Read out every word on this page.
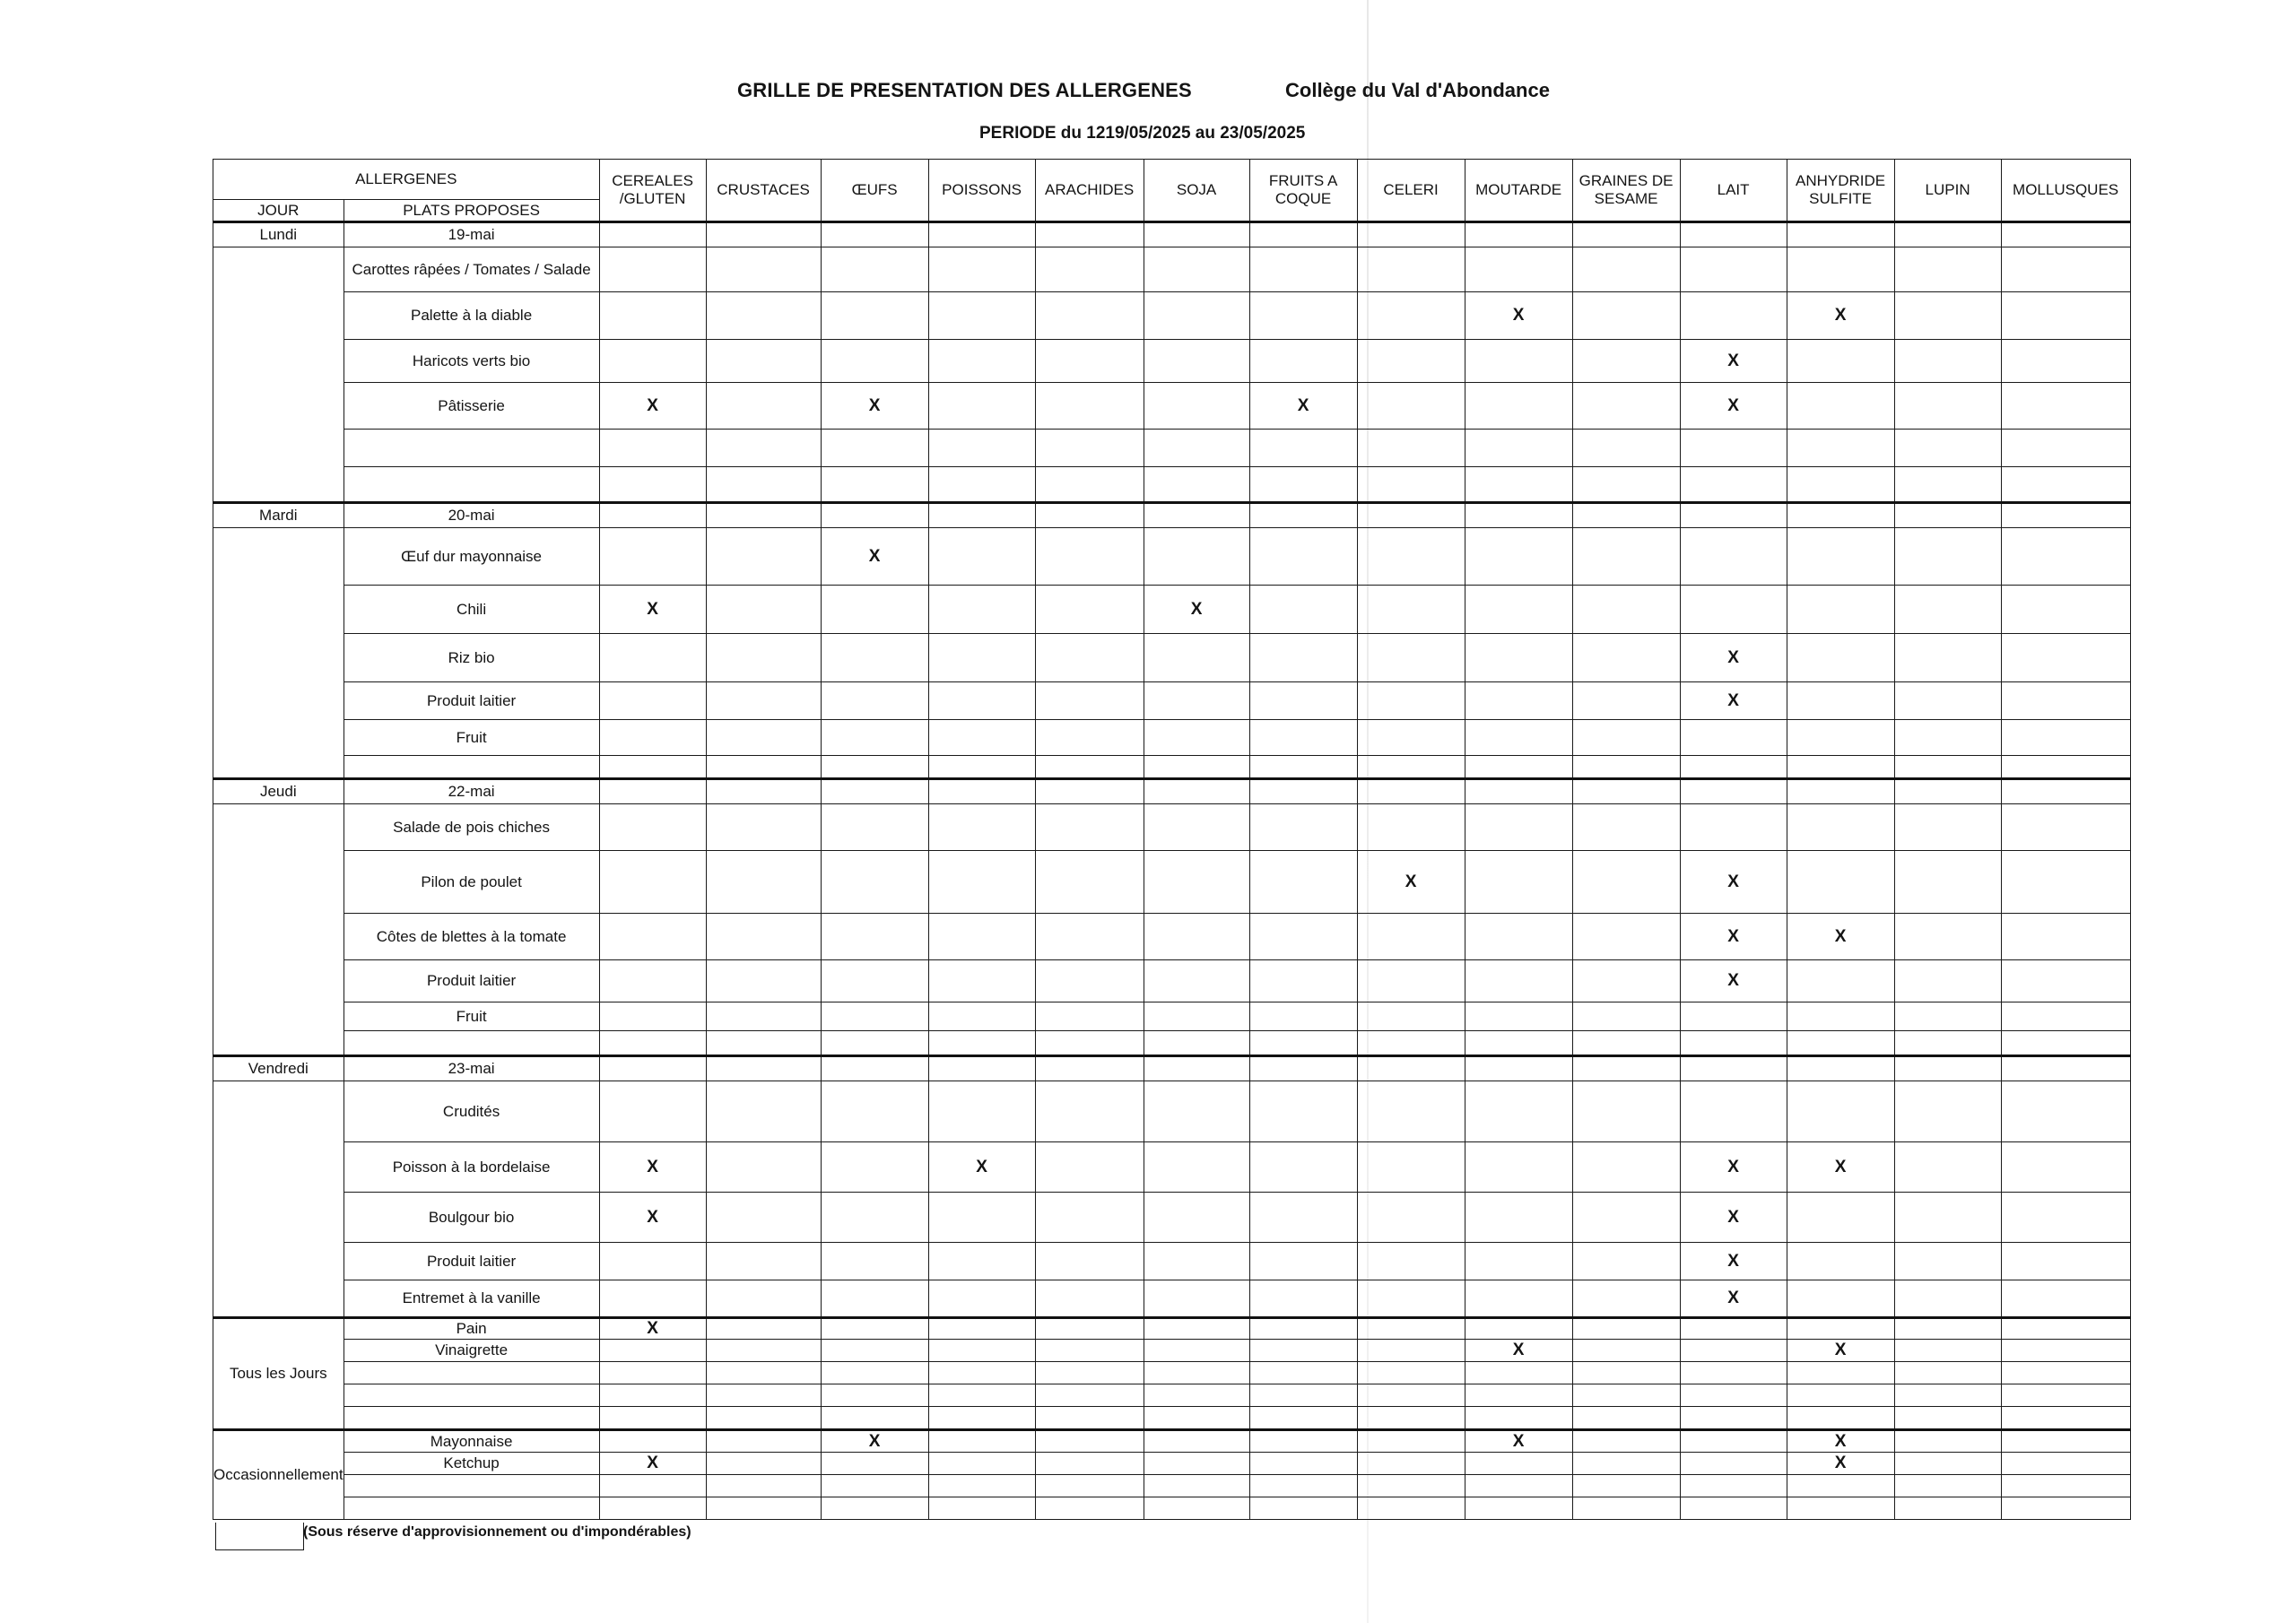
GRILLE DE PRESENTATION DES ALLERGENES	Collège du Val d'Abondance
PERIODE du 1219/05/2025 au 23/05/2025
ALLERGENES		CEREALES /GLUTEN	CRUSTACES	ŒUFS	POISSONS	ARACHIDES	SOJA	FRUITS A COQUE	CELERI	MOUTARDE	GRAINES DE SESAME	LAIT	ANHYDRIDE SULFITE	LUPIN	MOLLUSQUES
JOUR	PLATS PROPOSES														
Lundi	19-mai														
	Carottes râpées / Tomates / Salade														
	Palette à la diable									X			X		
	Haricots verts bio											X			
	Pâtisserie	X		X				X				X			

Mardi	20-mai														
	Œuf dur mayonnaise			X											
	Chili	X					X								
	Riz bio											X			
	Produit laitier											X			
	Fruit														

Jeudi	22-mai														
	Salade de pois chiches														
	Pilon de poulet								X			X			
	Côtes de blettes à la tomate											X	X		
	Produit laitier											X			
	Fruit														

Vendredi	23-mai														
	Crudités														
	Poisson à la bordelaise	X			X							X	X		
	Boulgour bio	X										X			
	Produit laitier											X			
	Entremet à la vanille											X			
Tous les Jours	Pain	X													
	Vinaigrette									X			X		

Occasionnellement	Mayonnaise			X						X			X		
	Ketchup	X											X		

(Sous réserve d'approvisionnement ou d'impondérables)
